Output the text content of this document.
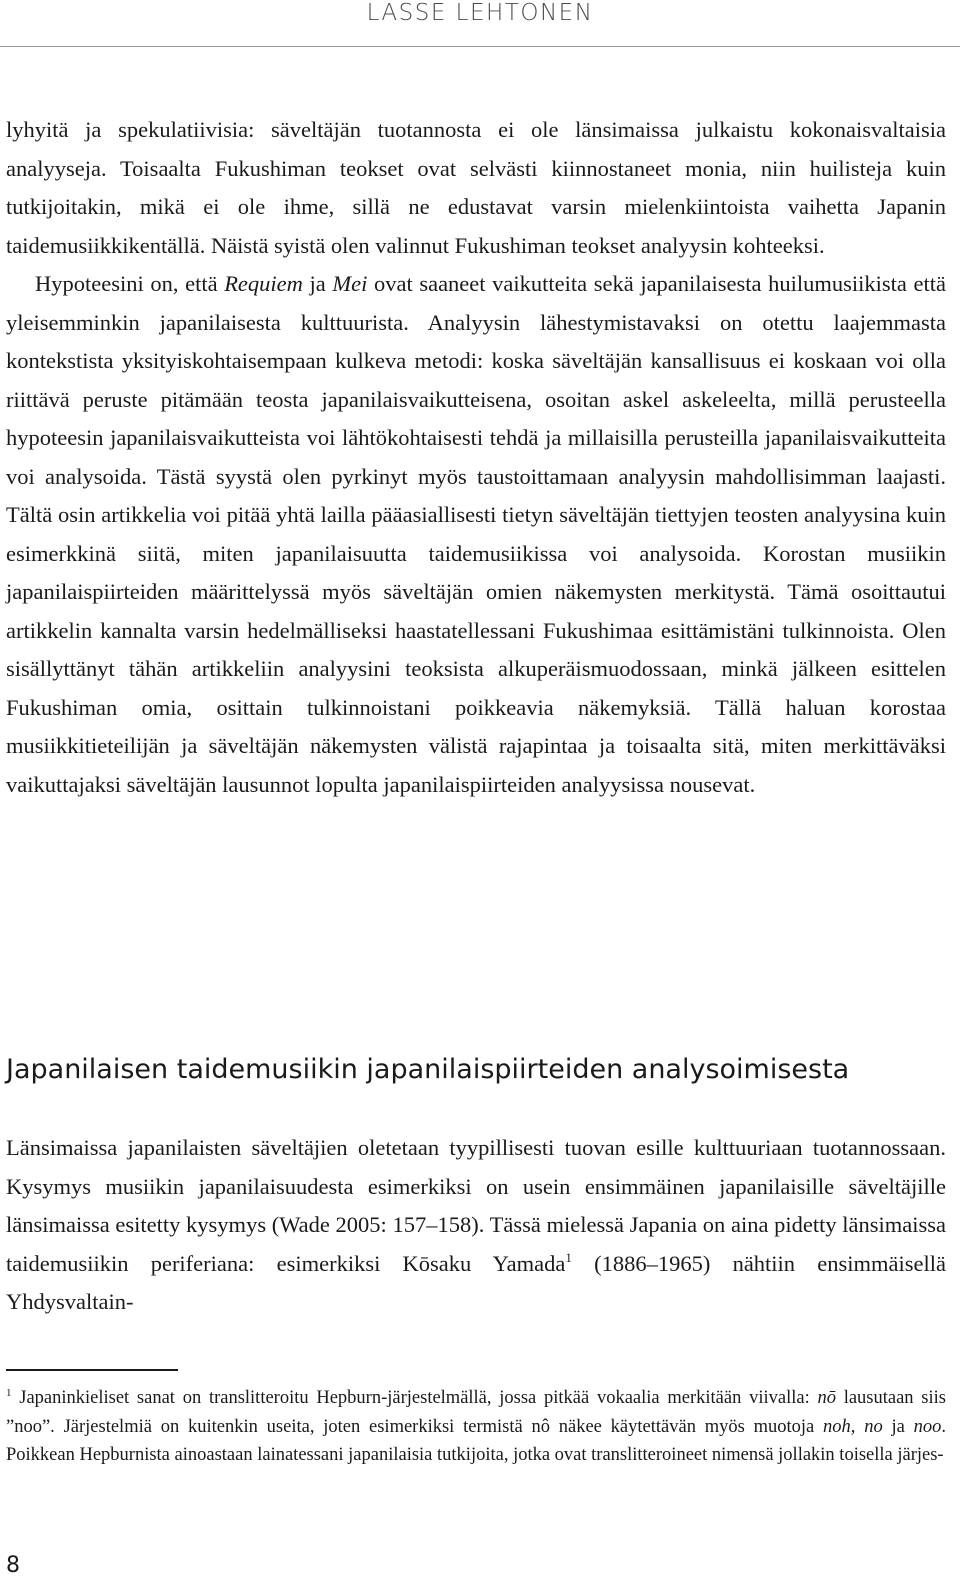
LASSE LEHTONEN

lyhyitä ja spekulatiivisia: säveltäjän tuotannosta ei ole länsimaissa julkaistu kokonaisvaltaisia analyyseja. Toisaalta Fukushiman teokset ovat selvästi kiinnostaneet monia, niin huilisteja kuin tutkijoitakin, mikä ei ole ihme, sillä ne edustavat varsin mielenkiintoista vaihetta Japanin taidemusiikkikentällä. Näistä syistä olen valinnut Fukushiman teokset analyysin kohteeksi.

Hypoteesini on, että Requiem ja Mei ovat saaneet vaikutteita sekä japanilaisesta huilumusiikista että yleisemminkin japanilaisesta kulttuurista. Analyysin lähestymistavaksi on otettu laajemmasta kontekstista yksityiskohtaisempaan kulkeva metodi: koska säveltäjän kansallisuus ei koskaan voi olla riittävä peruste pitämään teosta japanilaisvaikutteisena, osoitan askel askeleelta, millä perusteella hypoteesin japanilaisvaikutteista voi lähtökohtaisesti tehdä ja millaisilla perusteilla japanilaisvaikutteita voi analysoida. Tästä syystä olen pyrkinyt myös taustoittamaan analyysin mahdollisimman laajasti. Tältä osin artikkelia voi pitää yhtä lailla pääasiallisesti tietyn säveltäjän tiettyjen teosten analyysina kuin esimerkkinä siitä, miten japanilaisuutta taidemusiikissa voi analysoida. Korostan musiikin japanilaispiirteiden määrittelyssä myös säveltäjän omien näkemysten merkitystä. Tämä osoittautui artikkelin kannalta varsin hedelmälliseksi haastatellessani Fukushimaa esittämistäni tulkinnoista. Olen sisällyttänyt tähän artikkeliin analyysini teoksista alkuperäismuodossaan, minkä jälkeen esittelen Fukushiman omia, osittain tulkinnoistani poikkeavia näkemyksiä. Tällä haluan korostaa musiikkitieteilijän ja säveltäjän näkemysten välistä rajapintaa ja toisaalta sitä, miten merkittäväksi vaikuttajaksi säveltäjän lausunnot lopulta japanilaispiirteiden analyysissa nousevat.

Japanilaisen taidemusiikin japanilaispiirteiden analysoimisesta

Länsimaissa japanilaisten säveltäjien oletetaan tyypillisesti tuovan esille kulttuuriaan tuotannossaan. Kysymys musiikin japanilaisuudesta esimerkiksi on usein ensimmäinen japanilaisille säveltäjille länsimaissa esitetty kysymys (Wade 2005: 157–158). Tässä mielessä Japania on aina pidetty länsimaissa taidemusiikin periferiana: esimerkiksi Kōsaku Yamada$^1$ (1886–1965) nähtiin ensimmäisellä Yhdysvaltain-

$^1$ Japaninkieliset sanat on translitteroitu Hepburn-järjestelmällä, jossa pitkää vokaalia merkitään viivalla: nō lausutaan siis ”noo”. Järjestelmiä on kuitenkin useita, joten esimerkiksi termistä nô näkee käytettävän myös muotoja noh, no ja noo. Poikkean Hepburnista ainoastaan lainatessani japanilaisia tutkijoita, jotka ovat translitteroineet nimensä jollakin toisella järjes-

8
